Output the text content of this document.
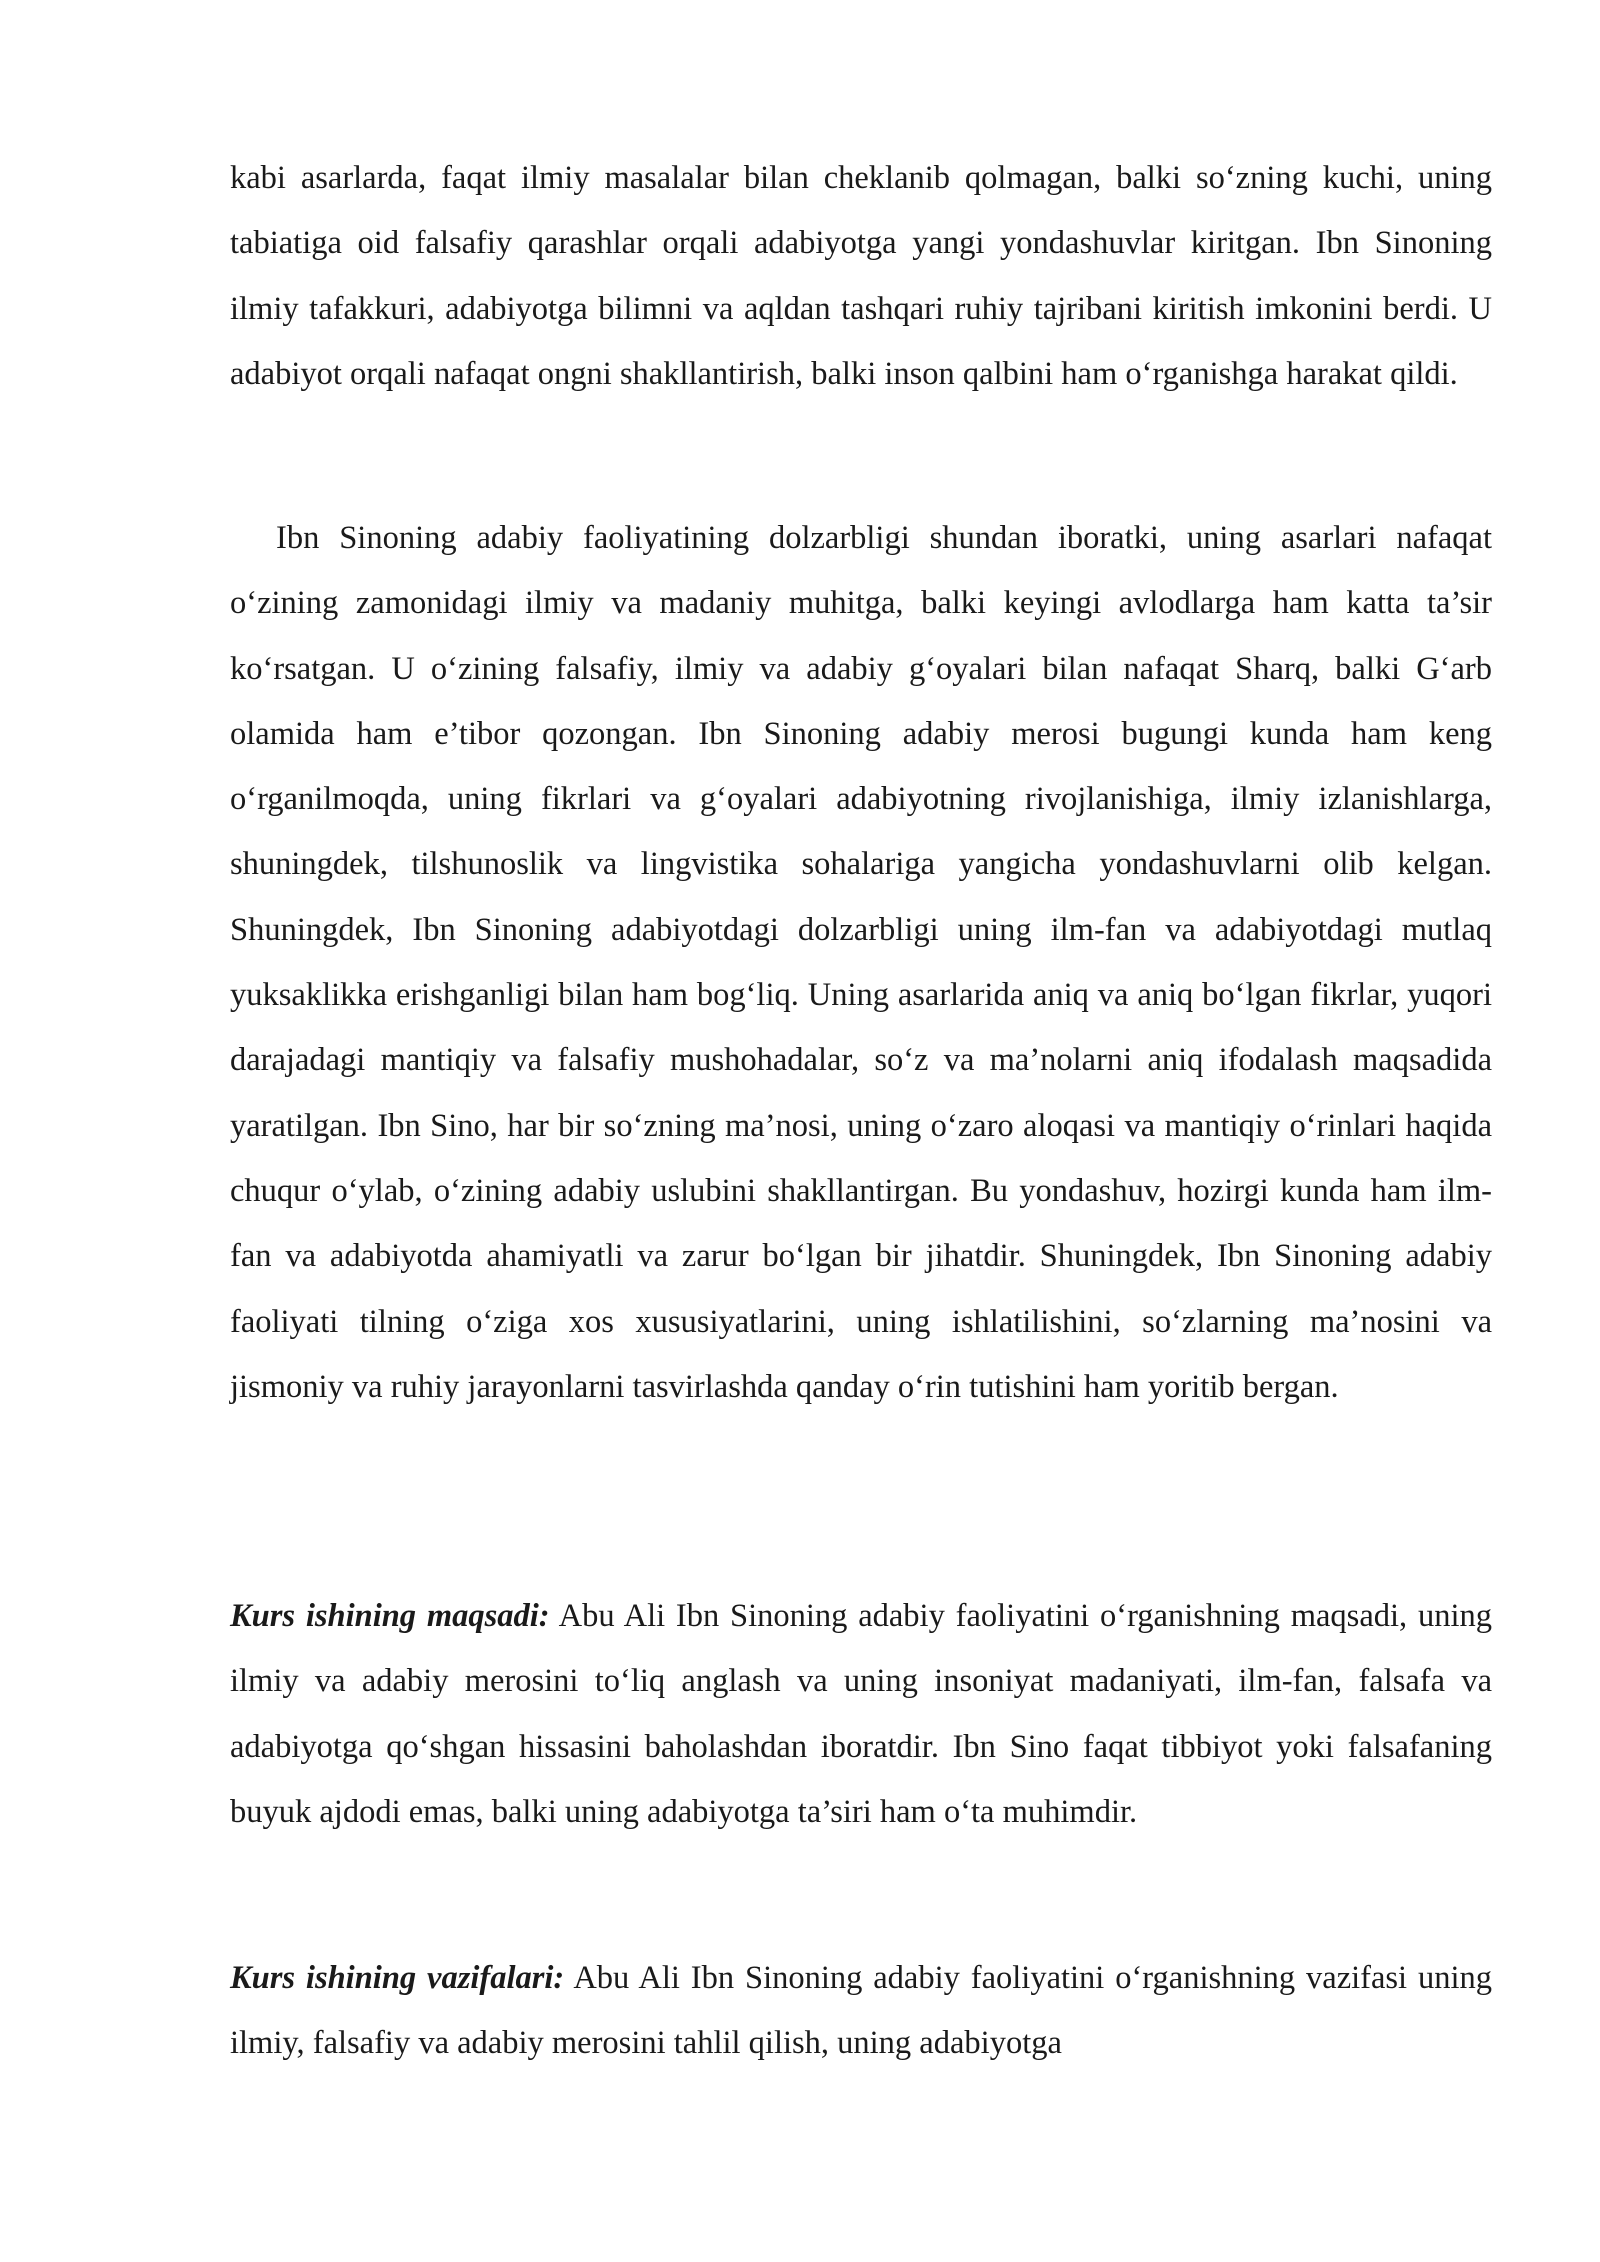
kabi asarlarda, faqat ilmiy masalalar bilan cheklanib qolmagan, balki so‘zning kuchi, uning tabiatiga oid falsafiy qarashlar orqali adabiyotga yangi yondashuvlar kiritgan. Ibn Sinoning ilmiy tafakkuri, adabiyotga bilimni va aqldan tashqari ruhiy tajribani kiritish imkonini berdi. U adabiyot orqali nafaqat ongni shakllantirish, balki inson qalbini ham o‘rganishga harakat qildi.

Ibn Sinoning adabiy faoliyatining dolzarbligi shundan iboratki, uning asarlari nafaqat o‘zining zamonidagi ilmiy va madaniy muhitga, balki keyingi avlodlarga ham katta ta’sir ko‘rsatgan. U o‘zining falsafiy, ilmiy va adabiy g‘oyalari bilan nafaqat Sharq, balki G‘arb olamida ham e’tibor qozongan. Ibn Sinoning adabiy merosi bugungi kunda ham keng o‘rganilmoqda, uning fikrlari va g‘oyalari adabiyotning rivojlanishiga, ilmiy izlanishlarga, shuningdek, tilshunoslik va lingvistika sohalariga yangicha yondashuvlarni olib kelgan. Shuningdek, Ibn Sinoning adabiyotdagi dolzarbligi uning ilm-fan va adabiyotdagi mutlaq yuksaklikka erishganligi bilan ham bog‘liq. Uning asarlarida aniq va aniq bo‘lgan fikrlar, yuqori darajadagi mantiqiy va falsafiy mushohadalar, so‘z va ma’nolarni aniq ifodalash maqsadida yaratilgan. Ibn Sino, har bir so‘zning ma’nosi, uning o‘zaro aloqasi va mantiqiy o‘rinlari haqida chuqur o‘ylab, o‘zining adabiy uslubini shakllantirgan. Bu yondashuv, hozirgi kunda ham ilm-fan va adabiyotda ahamiyatli va zarur bo‘lgan bir jihatdir. Shuningdek, Ibn Sinoning adabiy faoliyati tilning o‘ziga xos xususiyatlarini, uning ishlatilishini, so‘zlarning ma’nosini va jismoniy va ruhiy jarayonlarni tasvirlashda qanday o‘rin tutishini ham yoritib bergan.

Kurs ishining maqsadi: Abu Ali Ibn Sinoning adabiy faoliyatini o‘rganishning maqsadi, uning ilmiy va adabiy merosini to‘liq anglash va uning insoniyat madaniyati, ilm-fan, falsafa va adabiyotga qo‘shgan hissasini baholashdan iboratdir. Ibn Sino faqat tibbiyot yoki falsafaning buyuk ajdodi emas, balki uning adabiyotga ta’siri ham o‘ta muhimdir.

Kurs ishining vazifalari: Abu Ali Ibn Sinoning adabiy faoliyatini o‘rganishning vazifasi uning ilmiy, falsafiy va adabiy merosini tahlil qilish, uning adabiyotga
